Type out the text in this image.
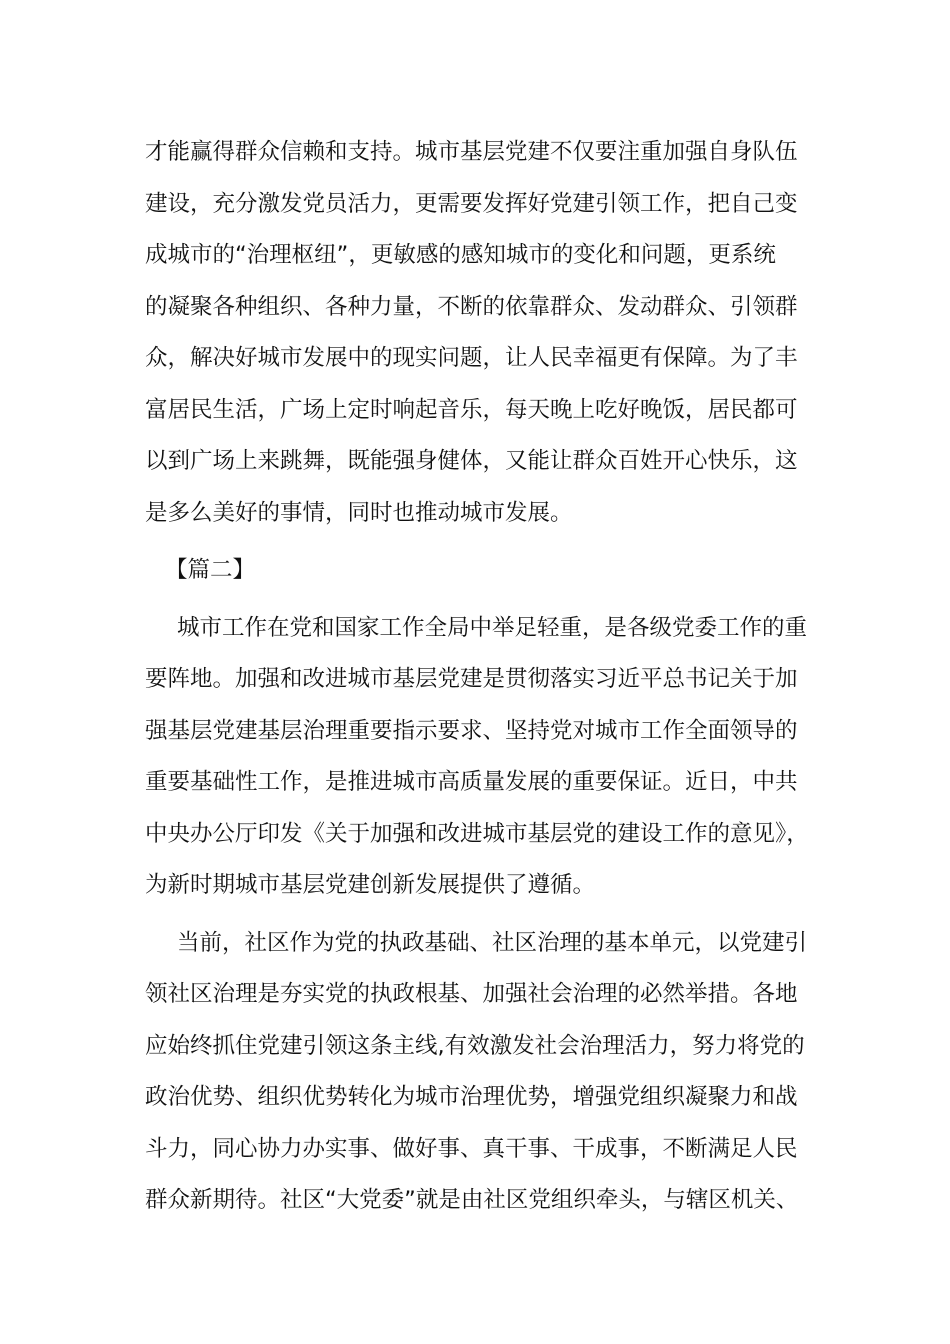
才能赢得群众信赖和支持。城市基层党建不仅要注重加强自身队伍
建设，充分激发党员活力，更需要发挥好党建引领工作，把自己变
成城市的“治理枢纽”，更敏感的感知城市的变化和问题，更系统
的凝聚各种组织、各种力量，不断的依靠群众、发动群众、引领群
众，解决好城市发展中的现实问题，让人民幸福更有保障。为了丰
富居民生活，广场上定时响起音乐，每天晚上吃好晚饭，居民都可
以到广场上来跳舞，既能强身健体，又能让群众百姓开心快乐，这
是多么美好的事情，同时也推动城市发展。
【篇二】
城市工作在党和国家工作全局中举足轻重，是各级党委工作的重
要阵地。加强和改进城市基层党建是贯彻落实习近平总书记关于加
强基层党建基层治理重要指示要求、坚持党对城市工作全面领导的
重要基础性工作，是推进城市高质量发展的重要保证。近日，中共
中央办公厅印发《关于加强和改进城市基层党的建设工作的意见》，
为新时期城市基层党建创新发展提供了遵循。
当前，社区作为党的执政基础、社区治理的基本单元，以党建引
领社区治理是夯实党的执政根基、加强社会治理的必然举措。各地
应始终抓住党建引领这条主线,有效激发社会治理活力，努力将党的
政治优势、组织优势转化为城市治理优势，增强党组织凝聚力和战
斗力，同心协力办实事、做好事、真干事、干成事，不断满足人民
群众新期待。社区“大党委”就是由社区党组织牵头，与辖区机关、
